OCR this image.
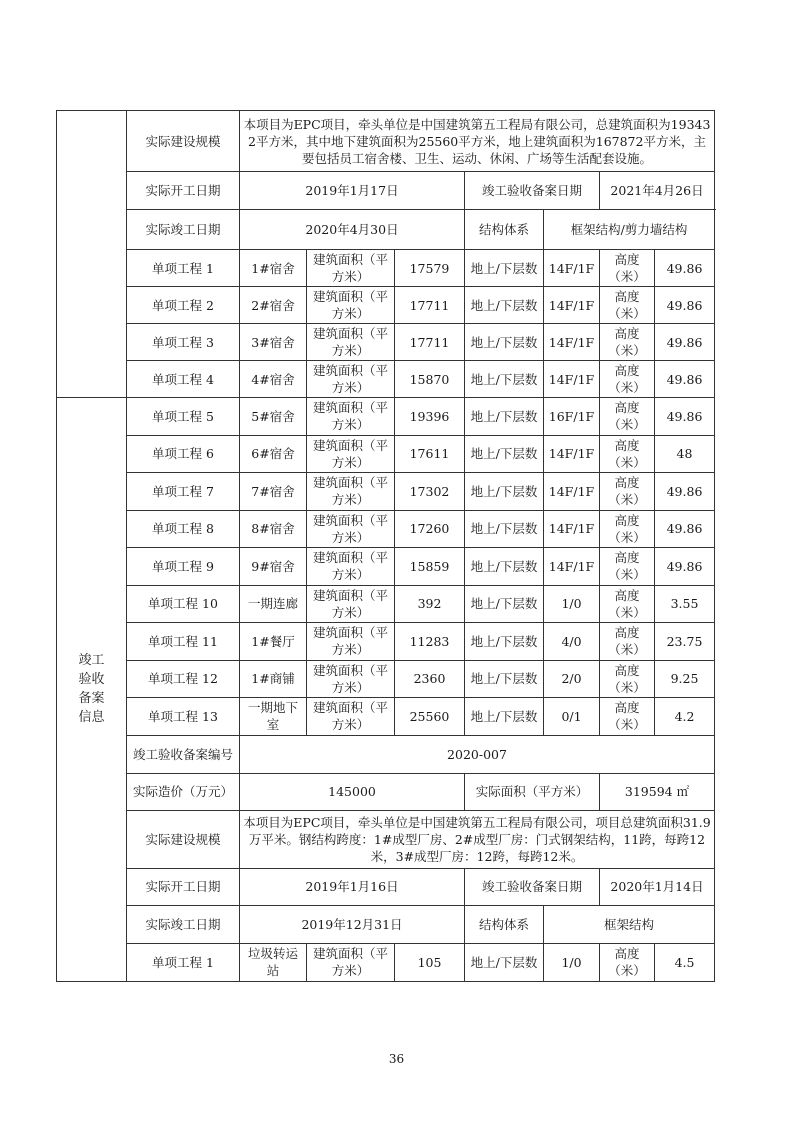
	实际建设规模	本项目为EPC项目，牵头单位是中国建筑第五工程局有限公司，总建筑面积为193432平方米，其中地下建筑面积为25560平方米，地上建筑面积为167872平方米，主要包括员工宿舍楼、卫生、运动、休闲、广场等生活配套设施。						
	实际开工日期	2019年1月17日			竣工验收备案日期		2021年4月26日	
	实际竣工日期	2020年4月30日			结构体系	框架结构/剪力墙结构		
	单项工程 1	1#宿舍	建筑面积（平方米）	17579	地上/下层数	14F/1F	高度（米）	49.86
	单项工程 2	2#宿舍	建筑面积（平方米）	17711	地上/下层数	14F/1F	高度（米）	49.86
	单项工程 3	3#宿舍	建筑面积（平方米）	17711	地上/下层数	14F/1F	高度（米）	49.86
	单项工程 4	4#宿舍	建筑面积（平方米）	15870	地上/下层数	14F/1F	高度（米）	49.86

竣工验收备案信息	单项工程 5	5#宿舍	建筑面积（平方米）	19396	地上/下层数	16F/1F	高度（米）	49.86
	单项工程 6	6#宿舍	建筑面积（平方米）	17611	地上/下层数	14F/1F	高度（米）	48
	单项工程 7	7#宿舍	建筑面积（平方米）	17302	地上/下层数	14F/1F	高度（米）	49.86
	单项工程 8	8#宿舍	建筑面积（平方米）	17260	地上/下层数	14F/1F	高度（米）	49.86
	单项工程 9	9#宿舍	建筑面积（平方米）	15859	地上/下层数	14F/1F	高度（米）	49.86
	单项工程 10	一期连廊	建筑面积（平方米）	392	地上/下层数	1/0	高度（米）	3.55
	单项工程 11	1#餐厅	建筑面积（平方米）	11283	地上/下层数	4/0	高度（米）	23.75
	单项工程 12	1#商铺	建筑面积（平方米）	2360	地上/下层数	2/0	高度（米）	9.25
	单项工程 13	一期地下室	建筑面积（平方米）	25560	地上/下层数	0/1	高度（米）	4.2
	竣工验收备案编号	2020-007						
	实际造价（万元）	145000			实际面积（平方米）		319594 ㎡	
	实际建设规模	本项目为EPC项目，牵头单位是中国建筑第五工程局有限公司，项目总建筑面积31.9万平米。钢结构跨度：1#成型厂房、2#成型厂房：门式钢架结构，11跨，每跨12米，3#成型厂房：12跨，每跨12米。						
	实际开工日期	2019年1月16日			竣工验收备案日期		2020年1月14日	
	实际竣工日期	2019年12月31日			结构体系	框架结构		
	单项工程 1	垃圾转运站	建筑面积（平方米）	105	地上/下层数	1/0	高度（米）	4.5
36
